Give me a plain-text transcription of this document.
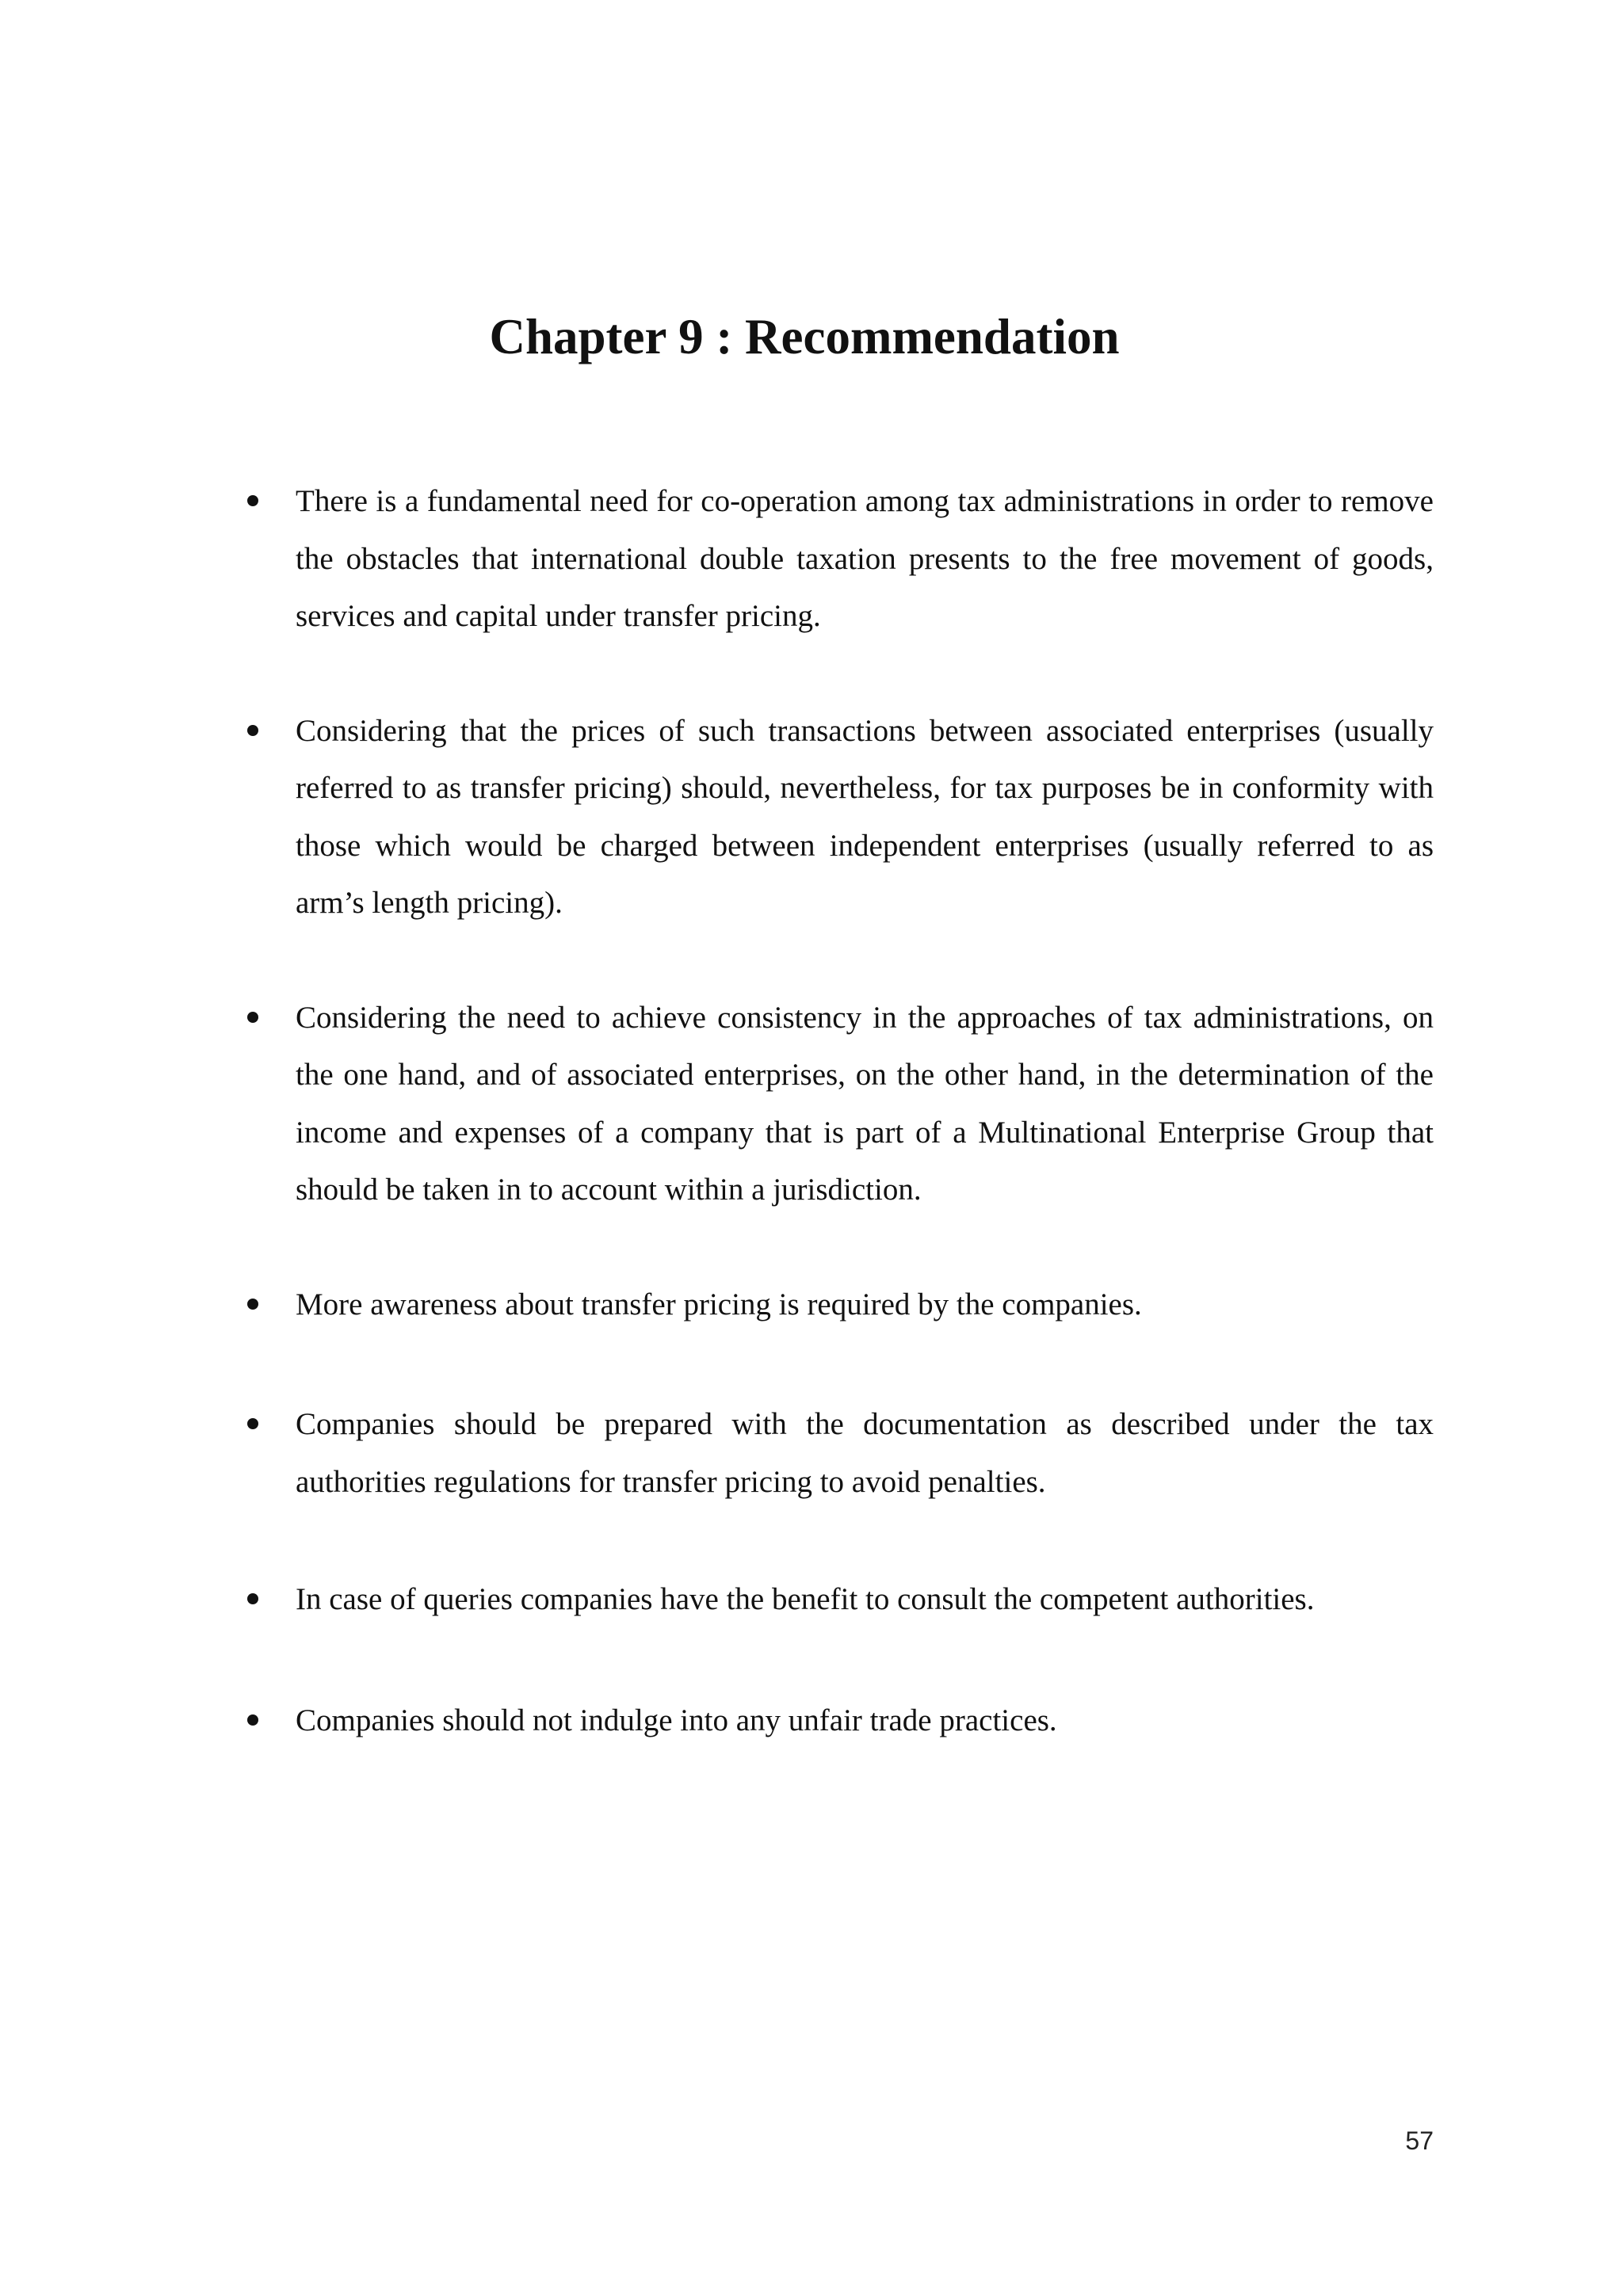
Chapter 9 : Recommendation
There is a fundamental need for co-operation among tax administrations in order to remove the obstacles that international double taxation presents to the free movement of goods, services and capital under transfer pricing.
Considering that the prices of such transactions between associated enterprises (usually referred to as transfer pricing) should, nevertheless, for tax purposes be in conformity with those which would be charged between independent enterprises (usually referred to as arm’s length pricing).
Considering the need to achieve consistency in the approaches of tax administrations, on the one hand, and of associated enterprises, on the other hand, in the determination of the income and expenses of a company that is part of a Multinational Enterprise Group that should be taken in to account within a jurisdiction.
More awareness about transfer pricing is required by the companies.
Companies should be prepared with the documentation as described under the tax authorities regulations for transfer pricing to avoid penalties.
In case of queries companies have the benefit to consult the competent authorities.
Companies should not indulge into any unfair trade practices.
57
